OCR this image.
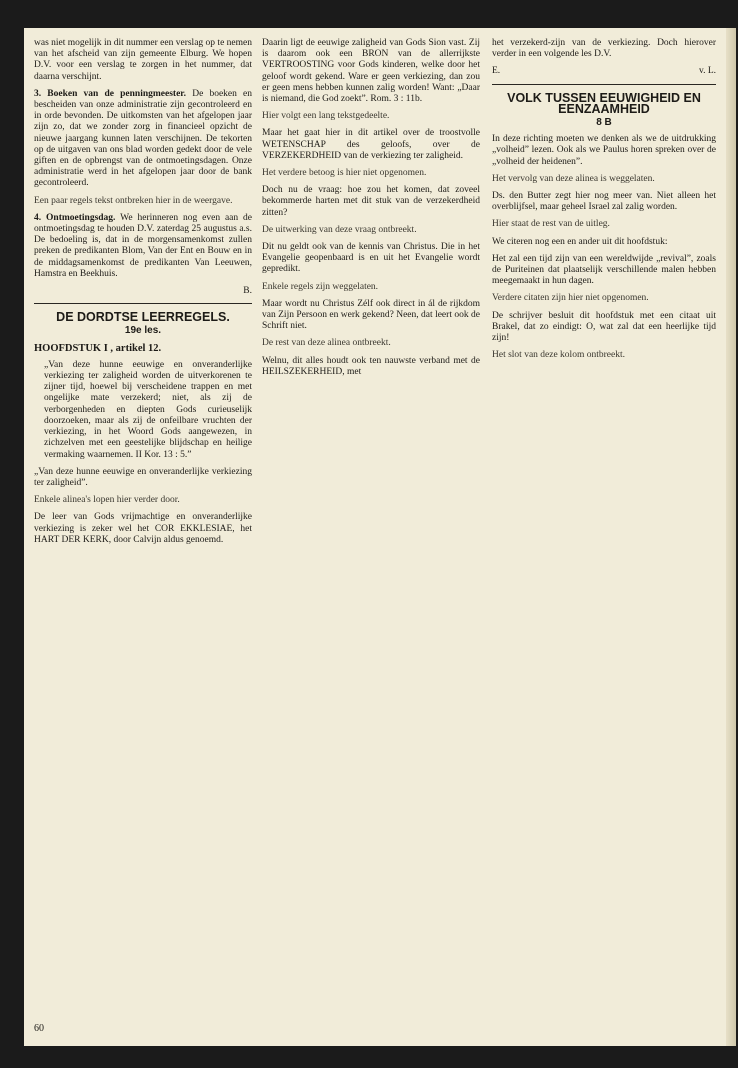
was niet mogelijk in dit nummer een verslag op te nemen van het afscheid van zijn gemeente Elburg. We hopen D.V. voor een verslag te zorgen in het nummer, dat daarna verschijnt.

3. Boeken van de penningmeester. De boeken en bescheiden van onze administratie zijn gecontroleerd en in orde bevonden. De uitkomsten van het afgelopen jaar zijn zo, dat we zonder zorg in financieel opzicht de nieuwe jaargang kunnen laten verschijnen. De tekorten op de uitgaven van ons blad worden gedekt door de vele giften en de opbrengst van de ontmoetingsdagen. Onze administratie werd in het afgelopen jaar door de bank gecontroleerd.

Een paar regels tekst ontbreken hier in de weergave.

4. Ontmoetingsdag. We herinneren nog even aan de ontmoetingsdag te houden D.V. zaterdag 25 augustus a.s. De bedoeling is, dat in de morgensamenkomst zullen preken de predikanten Blom, Van der Ent en Bouw en in de middagsamenkomst de predikanten Van Leeuwen, Hamstra en Beekhuis.

B.
DE DORDTSE LEERREGELS.
19e les.
HOOFDSTUK I , artikel 12.

„Van deze hunne eeuwige en onveranderlijke verkiezing ter zaligheid worden de uitverkorenen te zijner tijd, hoewel bij verscheidene trappen en met ongelijke mate verzekerd; niet, als zij de verborgenheden en diepten Gods curieuselijk doorzoeken, maar als zij de onfeilbare vruchten der verkiezing, in het Woord Gods aangewezen, in zichzelven met een geestelijke blijdschap en heilige vermaking waarnemen. II Kor. 13 : 5.”

„Van deze hunne eeuwige en onveranderlijke verkiezing ter zaligheid”.

Enkele alinea's lopen hier verder door.

De leer van Gods vrijmachtige en onveranderlijke verkiezing is zeker wel het COR EKKLESIAE, het HART DER KERK, door Calvijn aldus genoemd.

Daarin ligt de eeuwige zaligheid van Gods Sion vast. Zij is daarom ook een BRON van de allerrijkste VERTROOSTING voor Gods kinderen, welke door het geloof wordt gekend. Ware er geen verkiezing, dan zou er geen mens hebben kunnen zalig worden! Want: „Daar is niemand, die God zoekt”. Rom. 3 : 11b.

Hier volgt een lang tekstgedeelte.

Maar het gaat hier in dit artikel over de troostvolle WETENSCHAP des geloofs, over de VERZEKERDHEID van de verkiezing ter zaligheid.

Het verdere betoog is hier niet opgenomen.

Doch nu de vraag: hoe zou het komen, dat zoveel bekommerde harten met dit stuk van de verzekerdheid zitten?

De uitwerking van deze vraag ontbreekt.

Dit nu geldt ook van de kennis van Christus. Die in het Evangelie geopenbaard is en uit het Evangelie wordt gepredikt.

Enkele regels zijn weggelaten.

Maar wordt nu Christus Zélf ook direct in ál de rijkdom van Zijn Persoon en werk gekend? Neen, dat leert ook de Schrift niet.

De rest van deze alinea ontbreekt.

Welnu, dit alles houdt ook ten nauwste verband met de HEILSZEKERHEID, met

het verzekerd-zijn van de verkiezing. Doch hierover verder in een volgende les D.V.

E.	v. L.
VOLK TUSSEN EEUWIGHEID EN EENZAAMHEID
8 B

In deze richting moeten we denken als we de uitdrukking „volheid” lezen. Ook als we Paulus horen spreken over de „volheid der heidenen”.

Het vervolg van deze alinea is weggelaten.

Ds. den Butter zegt hier nog meer van. Niet alleen het overblijfsel, maar geheel Israel zal zalig worden.

Hier staat de rest van de uitleg.

We citeren nog een en ander uit dit hoofdstuk:

Het zal een tijd zijn van een wereldwijde „revival”, zoals de Puriteinen dat plaatselijk verschillende malen hebben meegemaakt in hun dagen.

Verdere citaten zijn hier niet opgenomen.

De schrijver besluit dit hoofdstuk met een citaat uit Brakel, dat zo eindigt: O, wat zal dat een heerlijke tijd zijn!

Het slot van deze kolom ontbreekt.

60
